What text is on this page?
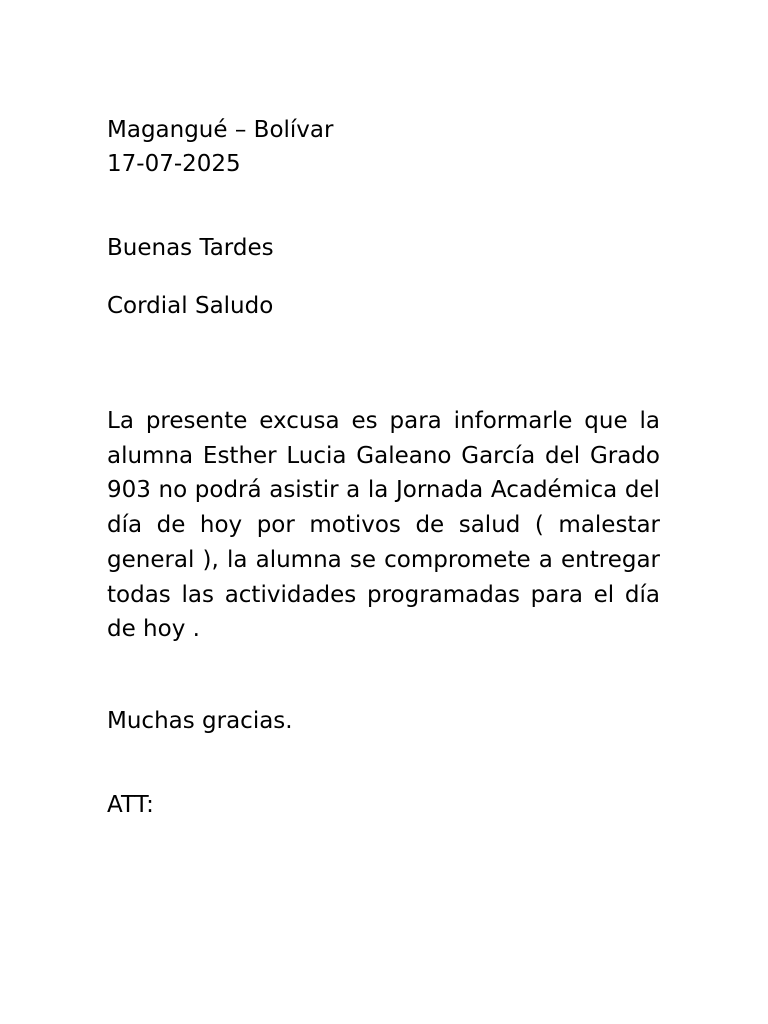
Magangué – Bolívar
17-07-2025
Buenas Tardes
Cordial Saludo
La presente excusa es para informarle que la alumna Esther Lucia Galeano García del Grado 903 no podrá asistir a la Jornada Académica del día de hoy por motivos de salud ( malestar general ), la alumna se compromete a entregar todas las actividades programadas para el día de hoy .
Muchas gracias.
ATT:
